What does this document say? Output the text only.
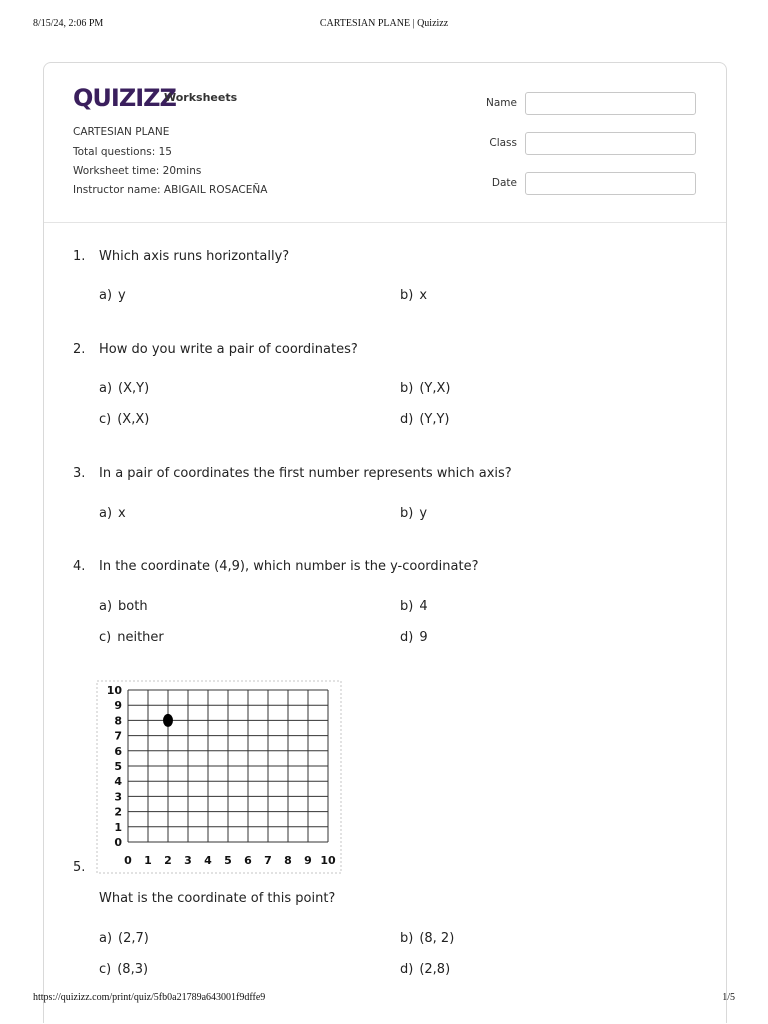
8/15/24, 2:06 PM	CARTESIAN PLANE | Quizizz
QUIZIZZ
Worksheets
CARTESIAN PLANE
Total questions: 15
Worksheet time: 20mins
Instructor name: ABIGAIL ROSACEÑA
Name
Class
Date
1. Which axis runs horizontally?
a) y	b) x
2. How do you write a pair of coordinates?
a) (X,Y)	b) (Y,X)
c) (X,X)	d) (Y,Y)
3. In a pair of coordinates the first number represents which axis?
a) x	b) y
4. In the coordinate (4,9), which number is the y-coordinate?
a) both	b) 4
c) neither	d) 9
0 1 2 3 4 5 6 7 8 9 10
0
1
2
3
4
5
6
7
8
9
10
5.
What is the coordinate of this point?
a) (2,7)	b) (8, 2)
c) (8,3)	d) (2,8)
https://quizizz.com/print/quiz/5fb0a21789a643001f9dffe9	1/5
